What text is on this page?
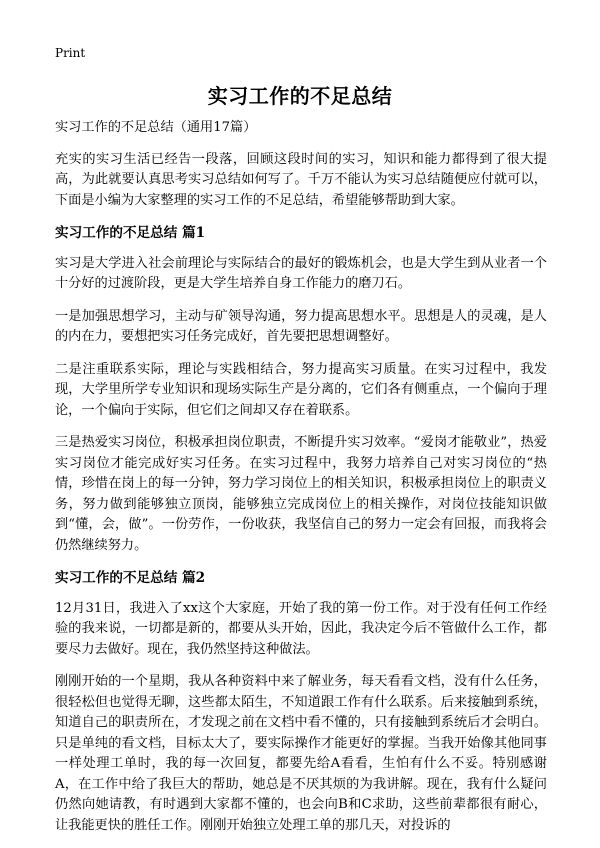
Print
实习工作的不足总结

实习工作的不足总结（通用17篇）

充实的实习生活已经告一段落，回顾这段时间的实习，知识和能力都得到了很大提高，为此就要认真思考实习总结如何写了。千万不能认为实习总结随便应付就可以，下面是小编为大家整理的实习工作的不足总结，希望能够帮助到大家。

实习工作的不足总结 篇1

实习是大学进入社会前理论与实际结合的最好的锻炼机会，也是大学生到从业者一个十分好的过渡阶段，更是大学生培养自身工作能力的磨刀石。

一是加强思想学习，主动与矿领导沟通，努力提高思想水平。思想是人的灵魂，是人的内在力，要想把实习任务完成好，首先要把思想调整好。

二是注重联系实际，理论与实践相结合，努力提高实习质量。在实习过程中，我发现，大学里所学专业知识和现场实际生产是分离的，它们各有侧重点，一个偏向于理论，一个偏向于实际，但它们之间却又存在着联系。

三是热爱实习岗位，积极承担岗位职责，不断提升实习效率。“爱岗才能敬业”，热爱实习岗位才能完成好实习任务。在实习过程中，我努力培养自己对实习岗位的“热情，珍惜在岗上的每一分钟，努力学习岗位上的相关知识，积极承担岗位上的职责义务，努力做到能够独立顶岗，能够独立完成岗位上的相关操作，对岗位技能知识做到“懂，会，做”。一份劳作，一份收获，我坚信自己的努力一定会有回报，而我将会仍然继续努力。

实习工作的不足总结 篇2

12月31日，我进入了xx这个大家庭，开始了我的第一份工作。对于没有任何工作经验的我来说，一切都是新的，都要从头开始，因此，我决定今后不管做什么工作，都要尽力去做好。现在，我仍然坚持这种做法。

刚刚开始的一个星期，我从各种资料中来了解业务，每天看看文档，没有什么任务，很轻松但也觉得无聊，这些都太陌生，不知道跟工作有什么联系。后来接触到系统，知道自己的职责所在，才发现之前在文档中看不懂的，只有接触到系统后才会明白。只是单纯的看文档，目标太大了，要实际操作才能更好的掌握。当我开始像其他同事一样处理工单时，我的每一次回复，都要先给A看看，生怕有什么不妥。特别感谢A，在工作中给了我巨大的帮助，她总是不厌其烦的为我讲解。现在，我有什么疑问仍然向她请教，有时遇到大家都不懂的，也会向B和C求助，这些前辈都很有耐心，让我能更快的胜任工作。刚刚开始独立处理工单的那几天，对投诉的
